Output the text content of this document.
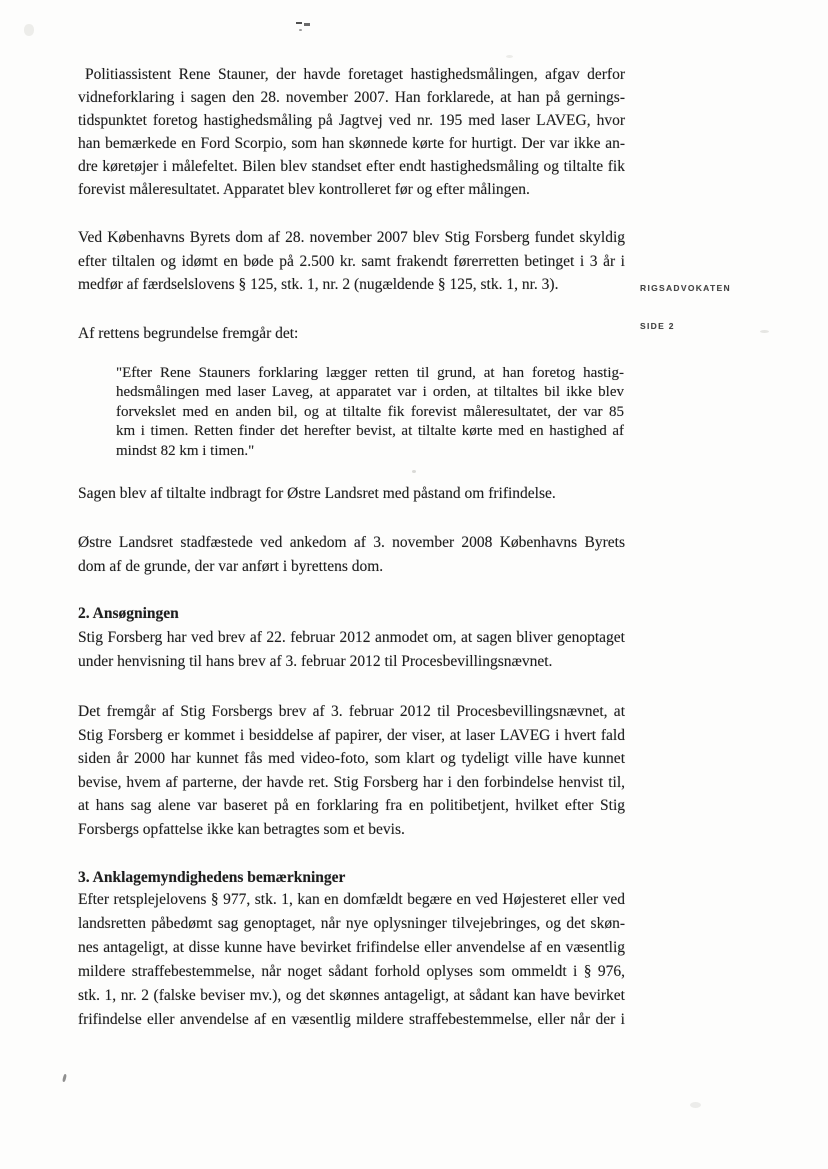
Politiassistent Rene Stauner, der havde foretaget hastighedsmålingen, afgav derfor
vidneforklaring i sagen den 28. november 2007. Han forklarede, at han på gernings-
tidspunktet foretog hastighedsmåling på Jagtvej ved nr. 195 med laser LAVEG, hvor
han bemærkede en Ford Scorpio, som han skønnede kørte for hurtigt. Der var ikke an-
dre køretøjer i målefeltet. Bilen blev standset efter endt hastighedsmåling og tiltalte fik
forevist måleresultatet. Apparatet blev kontrolleret før og efter målingen.
Ved Københavns Byrets dom af 28. november 2007 blev Stig Forsberg fundet skyldig
efter tiltalen og idømt en bøde på 2.500 kr. samt frakendt førerretten betinget i 3 år i
medfør af færdselslovens § 125, stk. 1, nr. 2 (nugældende § 125, stk. 1, nr. 3).	RIGSADVOKATEN
SIDE 2
Af rettens begrundelse fremgår det:
"Efter Rene Stauners forklaring lægger retten til grund, at han foretog hastig-
hedsmålingen med laser Laveg, at apparatet var i orden, at tiltaltes bil ikke blev
forvekslet med en anden bil, og at tiltalte fik forevist måleresultatet, der var 85
km i timen. Retten finder det herefter bevist, at tiltalte kørte med en hastighed af
mindst 82 km i timen."
Sagen blev af tiltalte indbragt for Østre Landsret med påstand om frifindelse.
Østre Landsret stadfæstede ved ankedom af 3. november 2008 Københavns Byrets
dom af de grunde, der var anført i byrettens dom.
2. Ansøgningen
Stig Forsberg har ved brev af 22. februar 2012 anmodet om, at sagen bliver genoptaget
under henvisning til hans brev af 3. februar 2012 til Procesbevillingsnævnet.
Det fremgår af Stig Forsbergs brev af 3. februar 2012 til Procesbevillingsnævnet, at
Stig Forsberg er kommet i besiddelse af papirer, der viser, at laser LAVEG i hvert fald
siden år 2000 har kunnet fås med video-foto, som klart og tydeligt ville have kunnet
bevise, hvem af parterne, der havde ret. Stig Forsberg har i den forbindelse henvist til,
at hans sag alene var baseret på en forklaring fra en politibetjent, hvilket efter Stig
Forsbergs opfattelse ikke kan betragtes som et bevis.
3. Anklagemyndighedens bemærkninger
Efter retsplejelovens § 977, stk. 1, kan en domfældt begære en ved Højesteret eller ved
landsretten påbedømt sag genoptaget, når nye oplysninger tilvejebringes, og det skøn-
nes antageligt, at disse kunne have bevirket frifindelse eller anvendelse af en væsentlig
mildere straffebestemmelse, når noget sådant forhold oplyses som ommeldt i § 976,
stk. 1, nr. 2 (falske beviser mv.), og det skønnes antageligt, at sådant kan have bevirket
frifindelse eller anvendelse af en væsentlig mildere straffebestemmelse, eller når der i
